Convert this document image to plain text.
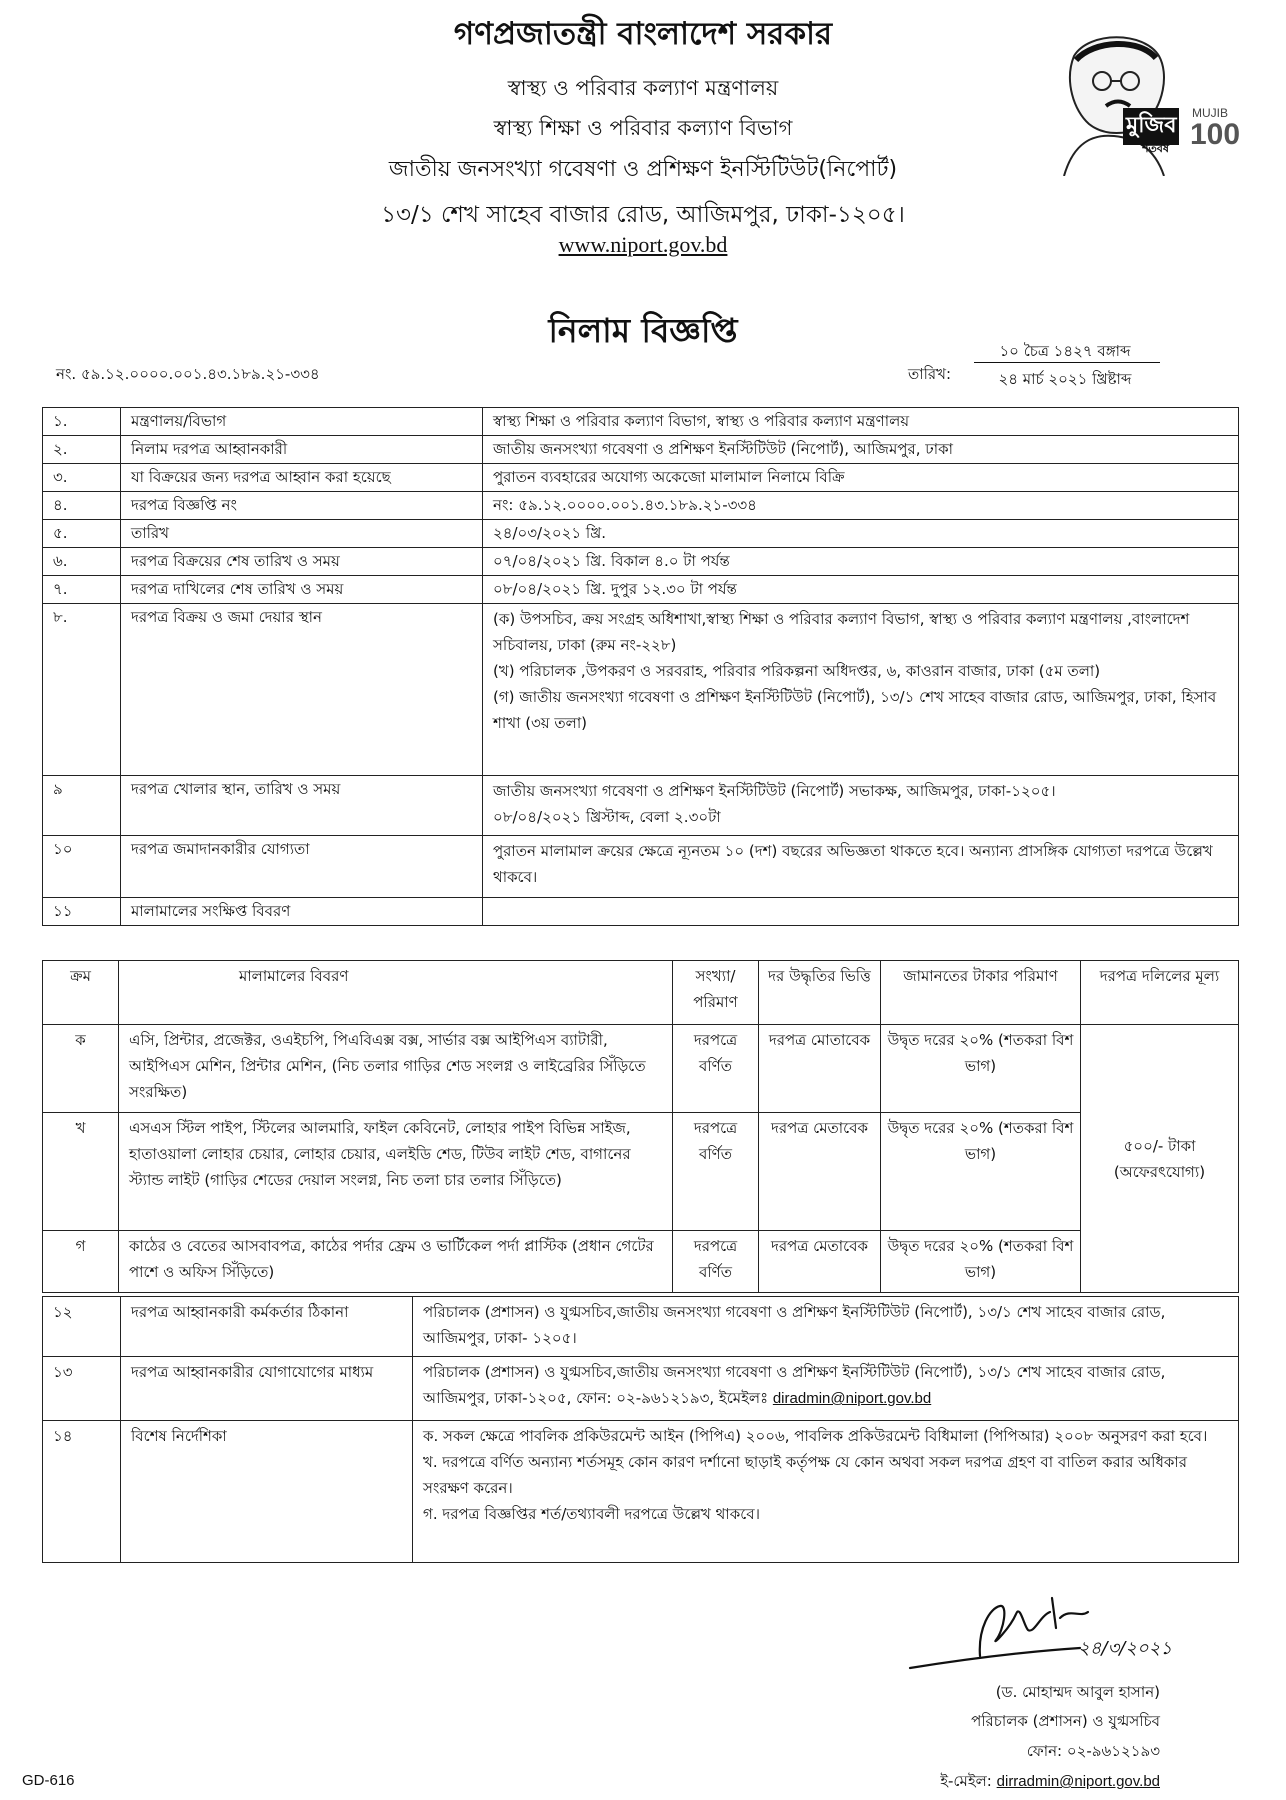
গণপ্রজাতন্ত্রী বাংলাদেশ সরকার
স্বাস্থ্য ও পরিবার কল্যাণ মন্ত্রণালয়
স্বাস্থ্য শিক্ষা ও পরিবার কল্যাণ বিভাগ
জাতীয় জনসংখ্যা গবেষণা ও প্রশিক্ষণ ইনস্টিটিউট(নিপোর্ট)
১৩/১ শেখ সাহেব বাজার রোড, আজিমপুর, ঢাকা-১২০৫।
www.niport.gov.bd
মুজিব MUJIB
100
শতবর্ষ
নিলাম বিজ্ঞপ্তি
নং. ৫৯.১২.০০০০.০০১.৪৩.১৮৯.২১-৩৩৪	তারিখ:
১০ চৈত্র ১৪২৭ বঙ্গাব্দ
২৪ মার্চ ২০২১ খ্রিষ্টাব্দ
১.	মন্ত্রণালয়/বিভাগ	স্বাস্থ্য শিক্ষা ও পরিবার কল্যাণ বিভাগ, স্বাস্থ্য ও পরিবার কল্যাণ মন্ত্রণালয়
২.	নিলাম দরপত্র আহ্বানকারী	জাতীয় জনসংখ্যা গবেষণা ও প্রশিক্ষণ ইনস্টিটিউট (নিপোর্ট), আজিমপুর, ঢাকা
৩.	যা বিক্রয়ের জন্য দরপত্র আহ্বান করা হয়েছে	পুরাতন ব্যবহারের অযোগ্য অকেজো মালামাল নিলামে বিক্রি
৪.	দরপত্র বিজ্ঞপ্তি নং	নং: ৫৯.১২.০০০০.০০১.৪৩.১৮৯.২১-৩৩৪
৫.	তারিখ	২৪/০৩/২০২১ খ্রি.
৬.	দরপত্র বিক্রয়ের শেষ তারিখ ও সময়	০৭/০৪/২০২১ খ্রি. বিকাল ৪.০ টা পর্যন্ত
৭.	দরপত্র দাখিলের শেষ তারিখ ও সময়	০৮/০৪/২০২১ খ্রি. দুপুর ১২.৩০ টা পর্যন্ত
৮.	দরপত্র বিক্রয় ও জমা দেয়ার স্থান	(ক) উপসচিব, ক্রয় সংগ্রহ অধিশাখা,স্বাস্থ্য শিক্ষা ও পরিবার কল্যাণ বিভাগ, স্বাস্থ্য ও পরিবার কল্যাণ মন্ত্রণালয় ,বাংলাদেশ সচিবালয়, ঢাকা (রুম নং-২২৮)
(খ) পরিচালক ,উপকরণ ও সরবরাহ, পরিবার পরিকল্পনা অধিদপ্তর, ৬, কাওরান বাজার, ঢাকা (৫ম তলা)
(গ) জাতীয় জনসংখ্যা গবেষণা ও প্রশিক্ষণ ইনস্টিটিউট (নিপোর্ট), ১৩/১ শেখ সাহেব বাজার রোড, আজিমপুর, ঢাকা, হিসাব শাখা (৩য় তলা)

৯	দরপত্র খোলার স্থান, তারিখ ও সময়	জাতীয় জনসংখ্যা গবেষণা ও প্রশিক্ষণ ইনস্টিটিউট (নিপোর্ট) সভাকক্ষ, আজিমপুর, ঢাকা-১২০৫।
০৮/০৪/২০২১ খ্রিস্টাব্দ, বেলা ২.৩০টা

১০	দরপত্র জমাদানকারীর যোগ্যতা	পুরাতন মালামাল ক্রয়ের ক্ষেত্রে ন্যূনতম ১০ (দশ) বছরের অভিজ্ঞতা থাকতে হবে। অন্যান্য প্রাসঙ্গিক যোগ্যতা দরপত্রে উল্লেখ থাকবে।
১১	মালামালের সংক্ষিপ্ত বিবরণ	
ক্রম	মালামালের বিবরণ	সংখ্যা/ পরিমাণ	দর উদ্ধৃতির ভিত্তি	জামানতের টাকার পরিমাণ	দরপত্র দলিলের মূল্য
ক	এসি, প্রিন্টার, প্রজেক্টর, ওএইচপি, পিএবিএক্স বক্স, সার্ভার বক্স আইপিএস ব্যাটারী, আইপিএস মেশিন, প্রিন্টার মেশিন, (নিচ তলার গাড়ির শেড সংলগ্ন ও লাইব্রেরির সিঁড়িতে সংরক্ষিত)	দরপত্রে বর্ণিত	দরপত্র মোতাবেক	উদ্বৃত দরের ২০% (শতকরা বিশ ভাগ)	৫০০/- টাকা (অফেরৎযোগ্য)
খ	এসএস স্টিল পাইপ, স্টিলের আলমারি, ফাইল কেবিনেট, লোহার পাইপ বিভিন্ন সাইজ, হাতাওয়ালা লোহার চেয়ার, লোহার চেয়ার, এলইডি শেড, টিউব লাইট শেড, বাগানের স্ট্যান্ড লাইট (গাড়ির শেডের দেয়াল সংলগ্ন, নিচ তলা চার তলার সিঁড়িতে)	দরপত্রে বর্ণিত	দরপত্র মেতাবেক	উদ্বৃত দরের ২০% (শতকরা বিশ ভাগ)	
গ	কাঠের ও বেতের আসবাবপত্র, কাঠের পর্দার ফ্রেম ও ভার্টিকেল পর্দা প্লাস্টিক (প্রধান গেটের পাশে ও অফিস সিঁড়িতে)	দরপত্রে বর্ণিত	দরপত্র মেতাবেক	উদ্বৃত দরের ২০% (শতকরা বিশ ভাগ)	
১২	দরপত্র আহ্বানকারী কর্মকর্তার ঠিকানা	পরিচালক (প্রশাসন) ও যুগ্মসচিব,জাতীয় জনসংখ্যা গবেষণা ও প্রশিক্ষণ ইনস্টিটিউট (নিপোর্ট), ১৩/১ শেখ সাহেব বাজার রোড, আজিমপুর, ঢাকা- ১২০৫।
১৩	দরপত্র আহ্বানকারীর যোগাযোগের মাধ্যম	পরিচালক (প্রশাসন) ও যুগ্মসচিব,জাতীয় জনসংখ্যা গবেষণা ও প্রশিক্ষণ ইনস্টিটিউট (নিপোর্ট), ১৩/১ শেখ সাহেব বাজার রোড, আজিমপুর, ঢাকা-১২০৫, ফোন: ০২-৯৬১২১৯৩, ইমেইলঃ diradmin@niport.gov.bd
১৪	বিশেষ নির্দেশিকা	ক. সকল ক্ষেত্রে পাবলিক প্রকিউরমেন্ট আইন (পিপিএ) ২০০৬, পাবলিক প্রকিউরমেন্ট বিধিমালা (পিপিআর) ২০০৮ অনুসরণ করা হবে।
খ. দরপত্রে বর্ণিত অন্যান্য শর্তসমূহ কোন কারণ দর্শানো ছাড়াই কর্তৃপক্ষ যে কোন অথবা সকল দরপত্র গ্রহণ বা বাতিল করার অধিকার সংরক্ষণ করেন।
গ. দরপত্র বিজ্ঞপ্তির শর্ত/তথ্যাবলী দরপত্রে উল্লেখ থাকবে।
২৪/৩/২০২১
(ড. মোহাম্মদ আবুল হাসান)
পরিচালক (প্রশাসন) ও যুগ্মসচিব
ফোন: ০২-৯৬১২১৯৩
ই-মেইল: dirradmin@niport.gov.bd
GD-616
